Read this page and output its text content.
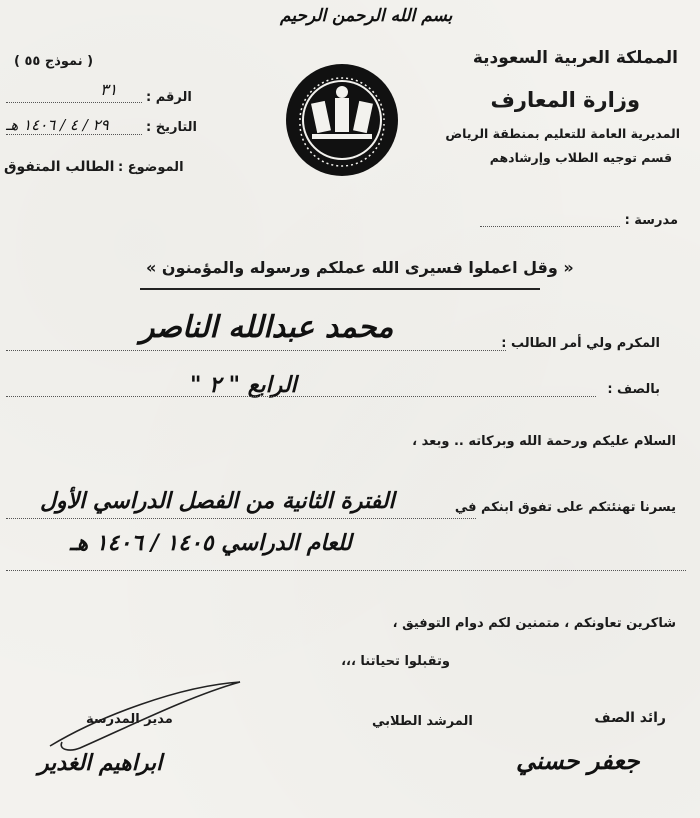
بسم الله الرحمن الرحيم
( نموذج ٥٥ )	المملكة العربية السعودية
وزارة المعارف
المديرية العامة للتعليم بمنطقة الرياض
قسم توجيه الطلاب وإرشادهم
الرقم :
٣١
التاريخ :
٢٩ / ٤ / ١٤٠٦ هـ
الموضوع :
الطالب المتفوق
مدرسة :
« وقل اعملوا فسيرى الله عملكم ورسوله والمؤمنون »
المكرم ولي أمر الطالب :
محمد عبدالله الناصر
بالصف :
الرابع " ٢ "
السلام عليكم ورحمة الله وبركاته .. وبعد ،
يسرنا تهنئتكم على تفوق ابنكم في
الفترة الثانية من الفصل الدراسي الأول
للعام الدراسي ١٤٠٥ / ١٤٠٦ هـ
شاكرين تعاونكم ، متمنين لكم دوام التوفيق ،
وتقبلوا تحياتنا ،،،
رائد الصف
جعفر حسني
المرشد الطلابي
مدير المدرسة
ابراهيم الغدير
